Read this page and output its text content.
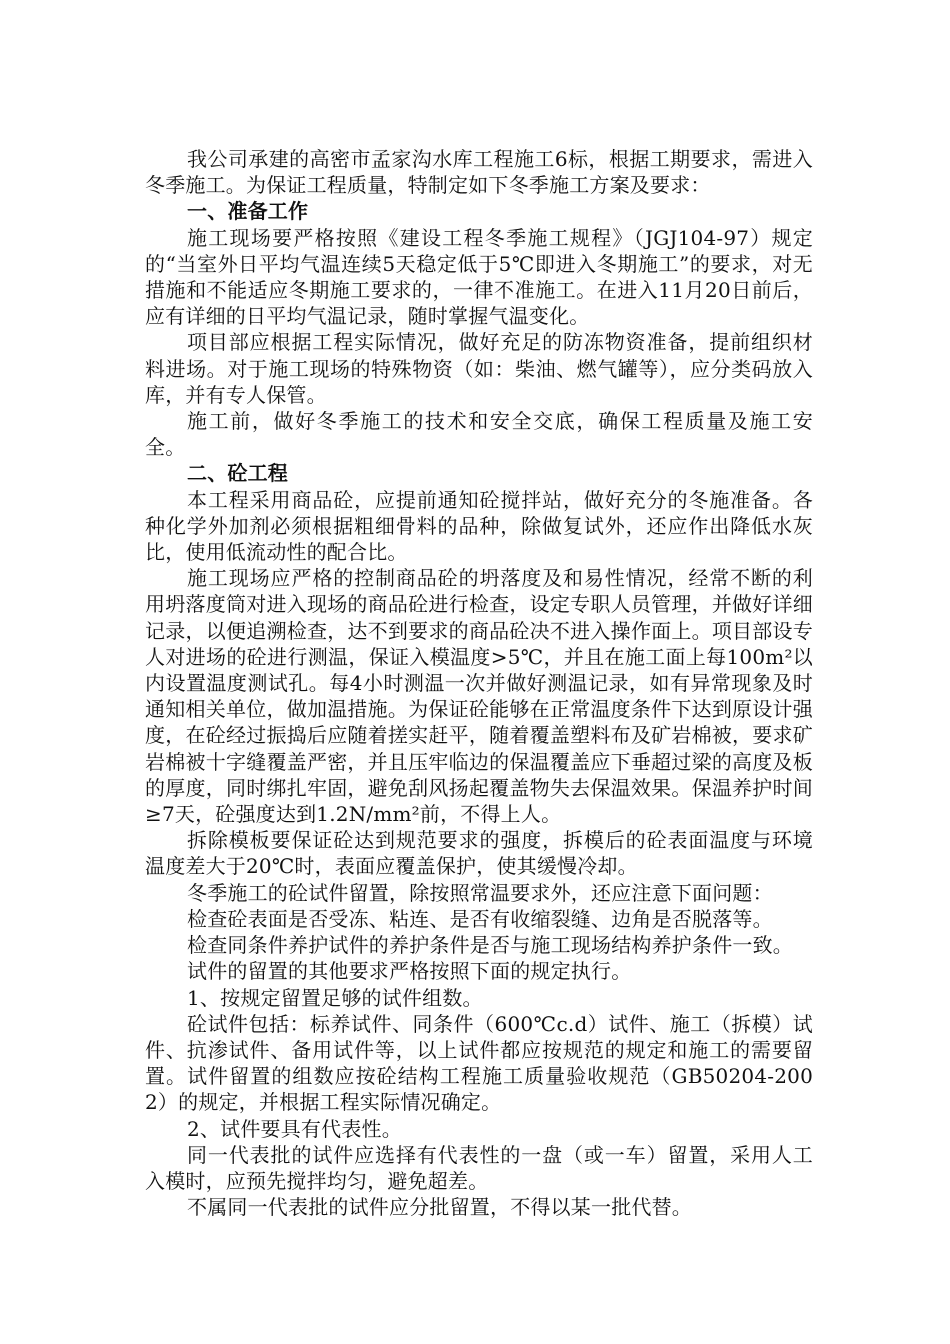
我公司承建的高密市孟家沟水库工程施工6标，根据工期要求，需进入冬季施工。为保证工程质量，特制定如下冬季施工方案及要求：

一、准备工作

施工现场要严格按照《建设工程冬季施工规程》（JGJ104-97）规定的“当室外日平均气温连续5天稳定低于5℃即进入冬期施工”的要求，对无措施和不能适应冬期施工要求的，一律不准施工。在进入11月20日前后，应有详细的日平均气温记录，随时掌握气温变化。

项目部应根据工程实际情况，做好充足的防冻物资准备，提前组织材料进场。对于施工现场的特殊物资（如：柴油、燃气罐等），应分类码放入库，并有专人保管。

施工前，做好冬季施工的技术和安全交底，确保工程质量及施工安全。

二、砼工程

本工程采用商品砼，应提前通知砼搅拌站，做好充分的冬施准备。各种化学外加剂必须根据粗细骨料的品种，除做复试外，还应作出降低水灰比，使用低流动性的配合比。

施工现场应严格的控制商品砼的坍落度及和易性情况，经常不断的利用坍落度筒对进入现场的商品砼进行检查，设定专职人员管理，并做好详细记录，以便追溯检查，达不到要求的商品砼决不进入操作面上。项目部设专人对进场的砼进行测温，保证入模温度>5℃，并且在施工面上每100m²以内设置温度测试孔。每4小时测温一次并做好测温记录，如有异常现象及时通知相关单位，做加温措施。为保证砼能够在正常温度条件下达到原设计强度，在砼经过振捣后应随着搓实赶平，随着覆盖塑料布及矿岩棉被，要求矿岩棉被十字缝覆盖严密，并且压牢临边的保温覆盖应下垂超过梁的高度及板的厚度，同时绑扎牢固，避免刮风扬起覆盖物失去保温效果。保温养护时间≥7天，砼强度达到1.2N/mm²前，不得上人。

拆除模板要保证砼达到规范要求的强度，拆模后的砼表面温度与环境温度差大于20℃时，表面应覆盖保护，使其缓慢冷却。

冬季施工的砼试件留置，除按照常温要求外，还应注意下面问题：

检查砼表面是否受冻、粘连、是否有收缩裂缝、边角是否脱落等。

检查同条件养护试件的养护条件是否与施工现场结构养护条件一致。

试件的留置的其他要求严格按照下面的规定执行。

1、按规定留置足够的试件组数。

砼试件包括：标养试件、同条件（600℃c.d）试件、施工（拆模）试件、抗渗试件、备用试件等，以上试件都应按规范的规定和施工的需要留置。试件留置的组数应按砼结构工程施工质量验收规范（GB50204-2002）的规定，并根据工程实际情况确定。

2、试件要具有代表性。

同一代表批的试件应选择有代表性的一盘（或一车）留置，采用人工入模时，应预先搅拌均匀，避免超差。

不属同一代表批的试件应分批留置，不得以某一批代替。
